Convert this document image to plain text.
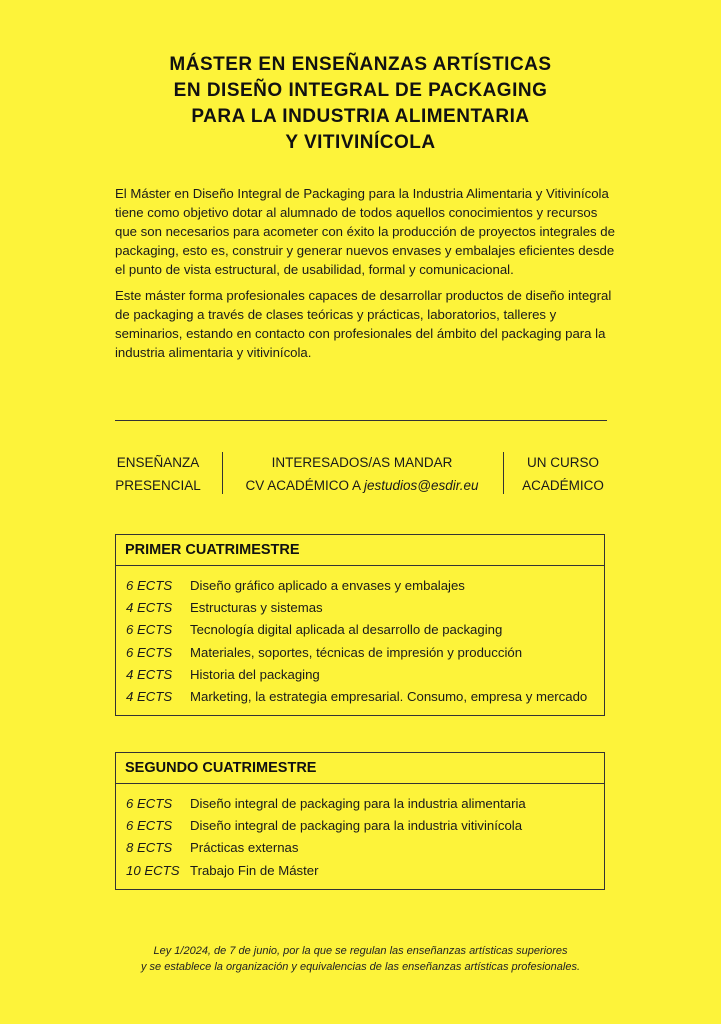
MÁSTER EN ENSEÑANZAS ARTÍSTICAS
EN DISEÑO INTEGRAL DE PACKAGING
PARA LA INDUSTRIA ALIMENTARIA
Y VITIVINÍCOLA

El Máster en Diseño Integral de Packaging para la Industria Alimentaria y Vitivinícola tiene como objetivo dotar al alumnado de todos aquellos conocimientos y recursos que son necesarios para acometer con éxito la producción de proyectos integrales de packaging, esto es, construir y generar nuevos envases y embalajes eficientes desde el punto de vista estructural, de usabilidad, formal y comunicacional.

Este máster forma profesionales capaces de desarrollar productos de diseño integral de packaging a través de clases teóricas y prácticas, laboratorios, talleres y seminarios, estando en contacto con profesionales del ámbito del packaging para la industria alimentaria y vitivinícola.

ENSEÑANZA
PRESENCIAL
INTERESADOS/AS MANDAR
CV ACADÉMICO A jestudios@esdir.eu
UN CURSO
ACADÉMICO
PRIMER CUATRIMESTRE
6 ECTS Diseño gráfico aplicado a envases y embalajes
4 ECTS Estructuras y sistemas
6 ECTS Tecnología digital aplicada al desarrollo de packaging
6 ECTS Materiales, soportes, técnicas de impresión y producción
4 ECTS Historia del packaging
4 ECTS Marketing, la estrategia empresarial. Consumo, empresa y mercado
SEGUNDO CUATRIMESTRE
6 ECTS Diseño integral de packaging para la industria alimentaria
6 ECTS Diseño integral de packaging para la industria vitivinícola
8 ECTS Prácticas externas
10 ECTS Trabajo Fin de Máster
Ley 1/2024, de 7 de junio, por la que se regulan las enseñanzas artísticas superiores
y se establece la organización y equivalencias de las enseñanzas artísticas profesionales.
